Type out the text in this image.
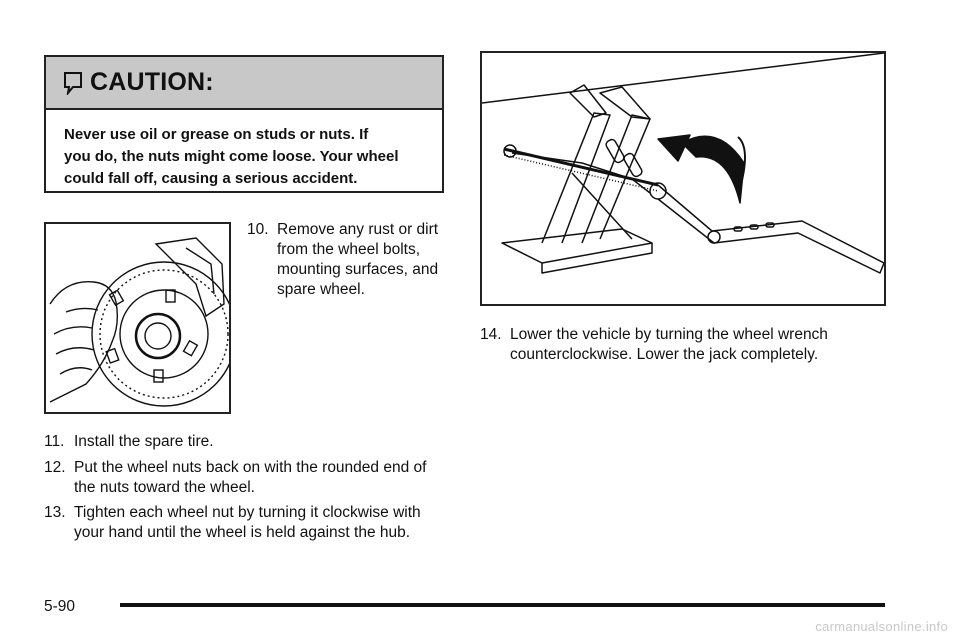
CAUTION:
Never use oil or grease on studs or nuts. If
you do, the nuts might come loose. Your wheel
could fall off, causing a serious accident.
10. Remove any rust or dirt
from the wheel bolts,
mounting surfaces, and
spare wheel.
11. Install the spare tire.
12. Put the wheel nuts back on with the rounded end of
the nuts toward the wheel.
13. Tighten each wheel nut by turning it clockwise with
your hand until the wheel is held against the hub.
14. Lower the vehicle by turning the wheel wrench
counterclockwise. Lower the jack completely.
5-90
carmanualsonline.info
